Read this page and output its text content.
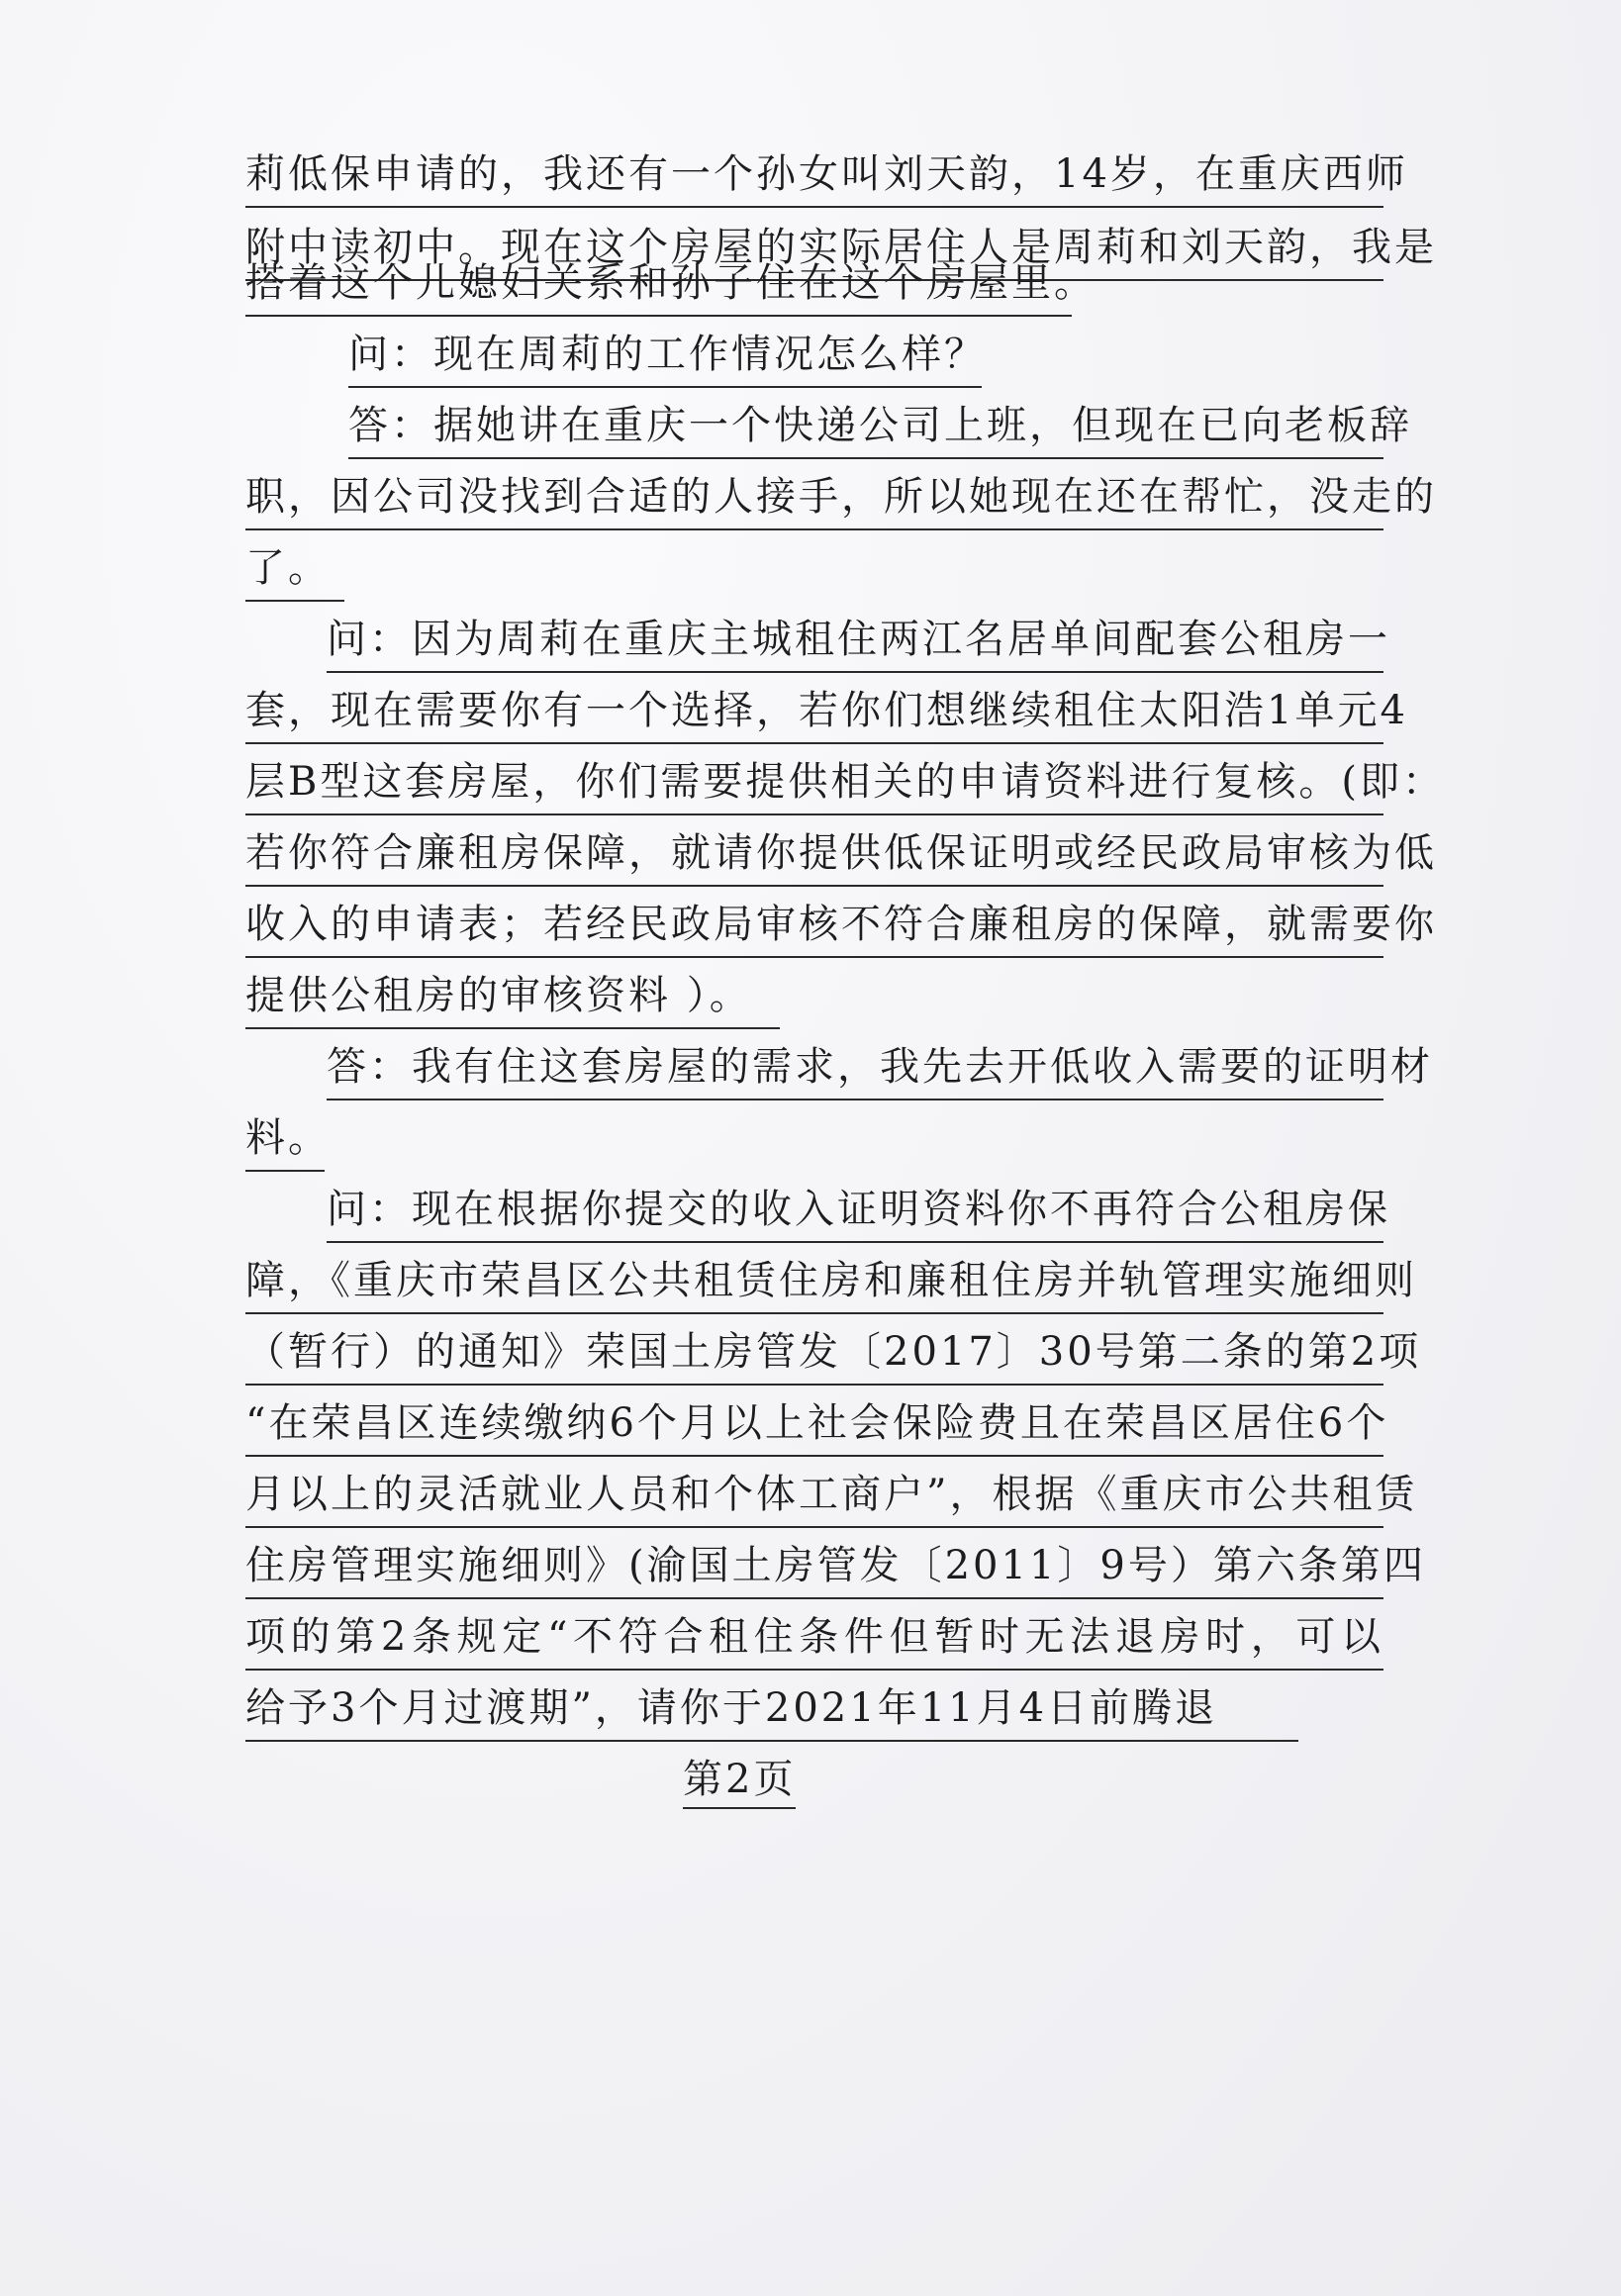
莉低保申请的，我还有一个孙女叫刘天韵，14岁，在重庆西师
附中读初中。现在这个房屋的实际居住人是周莉和刘天韵，我是
搭着这个儿媳妇关系和孙子住在这个房屋里。
问：现在周莉的工作情况怎么样？
答：据她讲在重庆一个快递公司上班，但现在已向老板辞
职，因公司没找到合适的人接手，所以她现在还在帮忙，没走的
了。
问：因为周莉在重庆主城租住两江名居单间配套公租房一
套，现在需要你有一个选择，若你们想继续租住太阳浩1单元4
层B型这套房屋，你们需要提供相关的申请资料进行复核。(即：
若你符合廉租房保障，就请你提供低保证明或经民政局审核为低
收入的申请表；若经民政局审核不符合廉租房的保障，就需要你
提供公租房的审核资料 ）。
答：我有住这套房屋的需求，我先去开低收入需要的证明材
料。
问：现在根据你提交的收入证明资料你不再符合公租房保
障，《重庆市荣昌区公共租赁住房和廉租住房并轨管理实施细则
（暂行）的通知》荣国土房管发〔2017〕30号第二条的第2项
“在荣昌区连续缴纳6个月以上社会保险费且在荣昌区居住6个
月以上的灵活就业人员和个体工商户”，根据《重庆市公共租赁
住房管理实施细则》(渝国土房管发〔2011〕9号）第六条第四
项的第2条规定“不符合租住条件但暂时无法退房时，可以
给予3个月过渡期”，请你于2021年11月4日前腾退
第2页
